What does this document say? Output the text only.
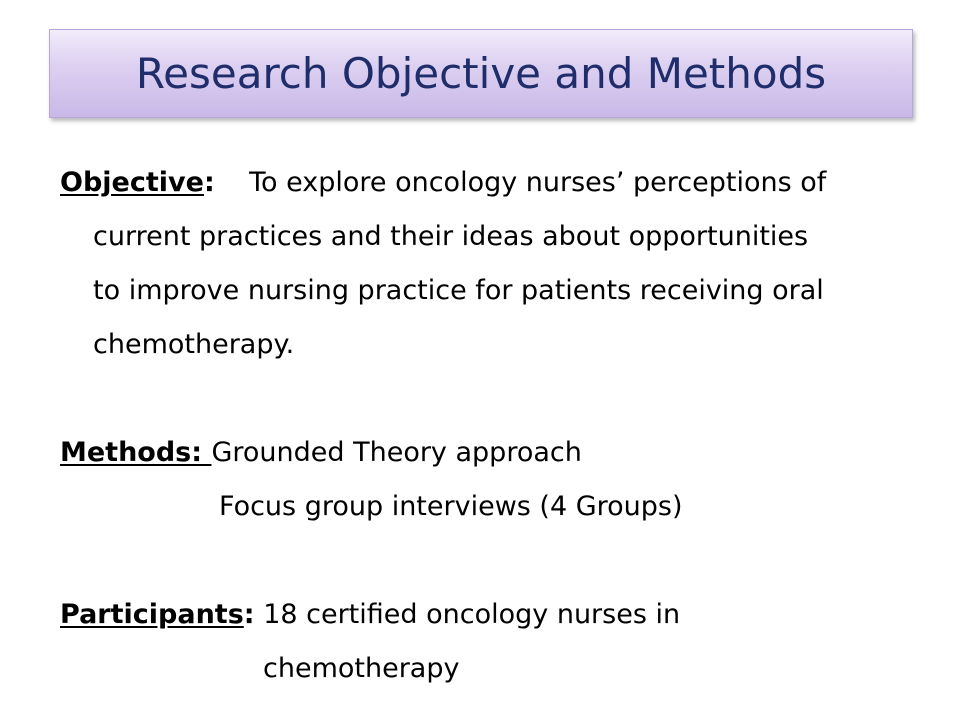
Research Objective and Methods

Objective: To explore oncology nurses’ perceptions of
current practices and their ideas about opportunities
to improve nursing practice for patients receiving oral
chemotherapy.

Methods: Grounded Theory approach

Focus group interviews (4 Groups)

Participants: 18 certified oncology nurses in

chemotherapy
